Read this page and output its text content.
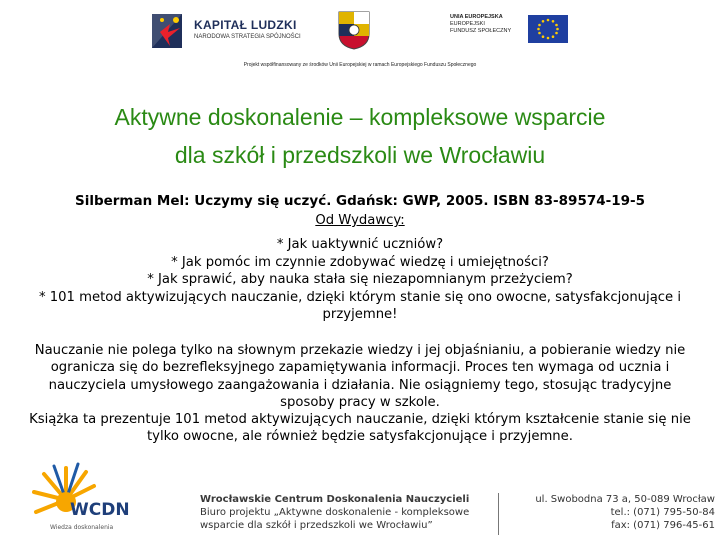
KAPITAŁ LUDZKI
NARODOWA STRATEGIA SPÓJNOŚCI
UNIA EUROPEJSKA
EUROPEJSKI
FUNDUSZ SPOŁECZNY
Projekt współfinansowany ze środków Unii Europejskiej w ramach Europejskiego Funduszu Społecznego
Aktywne doskonalenie – kompleksowe wsparcie
dla szkół i przedszkoli we Wrocławiu
Silberman Mel: Uczymy się uczyć. Gdańsk: GWP, 2005. ISBN 83-89574-19-5
Od Wydawcy:
* Jak uaktywnić uczniów?
* Jak pomóc im czynnie zdobywać wiedzę i umiejętności?
* Jak sprawić, aby nauka stała się niezapomnianym przeżyciem?
* 101 metod aktywizujących nauczanie, dzięki którym stanie się ono owocne, satysfakcjonujące i przyjemne!
Nauczanie nie polega tylko na słownym przekazie wiedzy i jej objaśnianiu, a pobieranie wiedzy nie ogranicza się do bezrefleksyjnego zapamiętywania informacji. Proces ten wymaga od ucznia i nauczyciela umysłowego zaangażowania i działania. Nie osiągniemy tego, stosując tradycyjne sposoby pracy w szkole.
Książka ta prezentuje 101 metod aktywizujących nauczanie, dzięki którym kształcenie stanie się nie tylko owocne, ale również będzie satysfakcjonujące i przyjemne.
WCDN
Wiedza doskonalenia
Wrocławskie Centrum Doskonalenia Nauczycieli
Biuro projektu „Aktywne doskonalenie - kompleksowe
wsparcie dla szkół i przedszkoli we Wrocławiu”
ul. Swobodna 73 a, 50-089 Wrocław
tel.: (071) 795-50-84
fax: (071) 796-45-61
